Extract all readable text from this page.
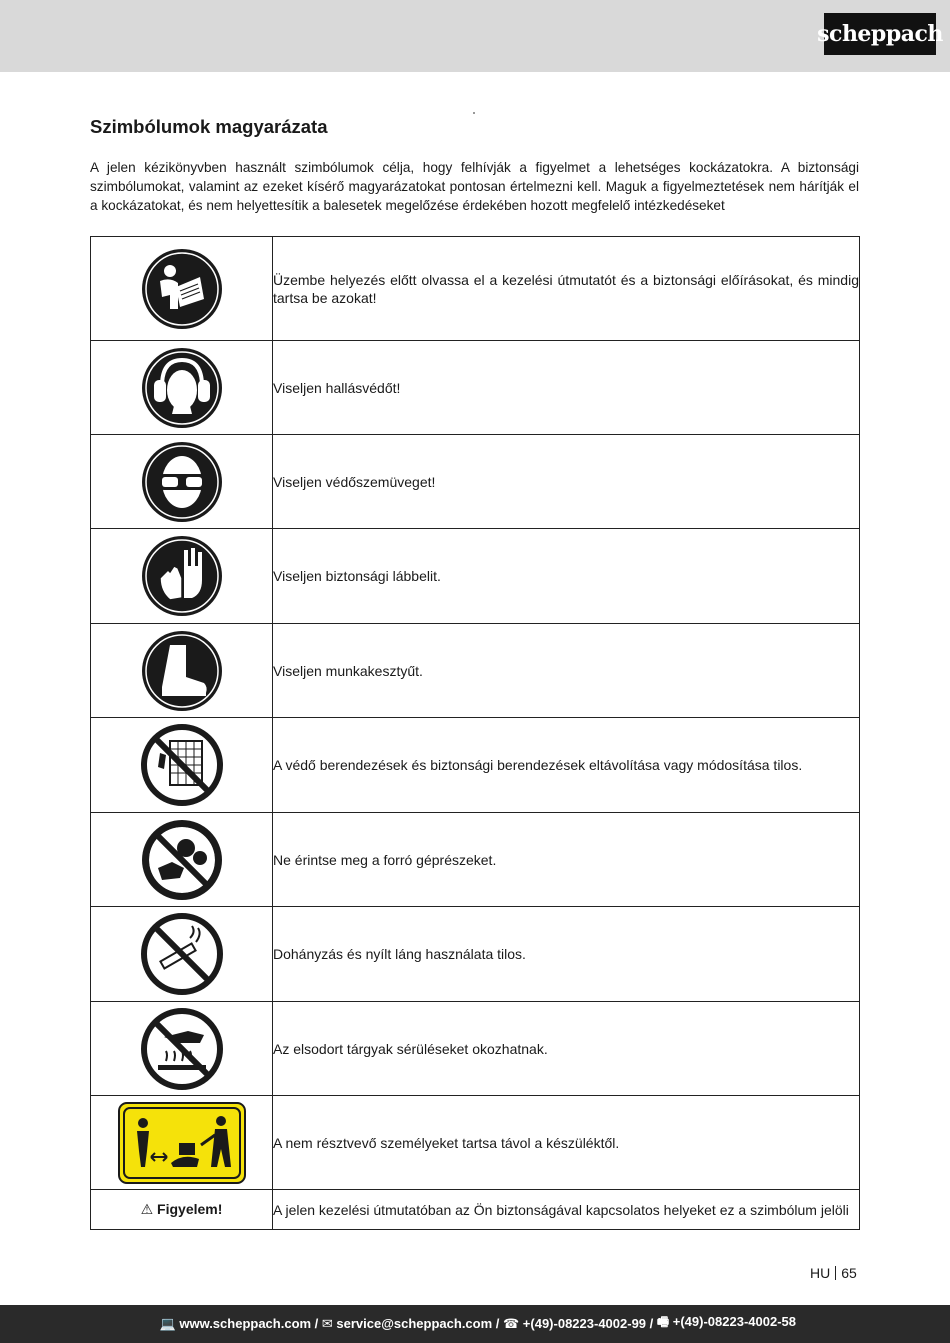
scheppach
Szimbólumok magyarázata

A jelen kézikönyvben használt szimbólumok célja, hogy felhívják a figyelmet a lehetséges kockázatokra. A biztonsági szimbólumokat, valamint az ezeket kísérő magyarázatokat pontosan értelmezni kell. Maguk a figyelmeztetések nem hárítják el a kockázatokat, és nem helyettesítik a balesetek megelőzése érdekében hozott megfelelő intézkedéseket

	Üzembe helyezés előtt olvassa el a kezelési útmutatót és a biztonsági előírásokat, és mindig tartsa be azokat!

	Viseljen hallásvédőt!

	Viseljen védőszemüveget!

	Viseljen biztonsági lábbelit.

	Viseljen munkakesztyűt.

	A védő berendezések és biztonsági berendezések eltávolítása vagy módosítása tilos.

	Ne érintse meg a forró géprészeket.

	Dohányzás és nyílt láng használata tilos.

	Az elsodort tárgyak sérüléseket okozhatnak.

	A nem résztvevő személyeket tartsa távol a készüléktől.
⚠ Figyelem!	A jelen kezelési útmutatóban az Ön biztonságával kapcsolatos helyeket ez a szimbólum jelöli
HU 65
💻 www.scheppach.com / ✉ service@scheppach.com / ☎ +(49)-08223-4002-99 / 🖷 +(49)-08223-4002-58
